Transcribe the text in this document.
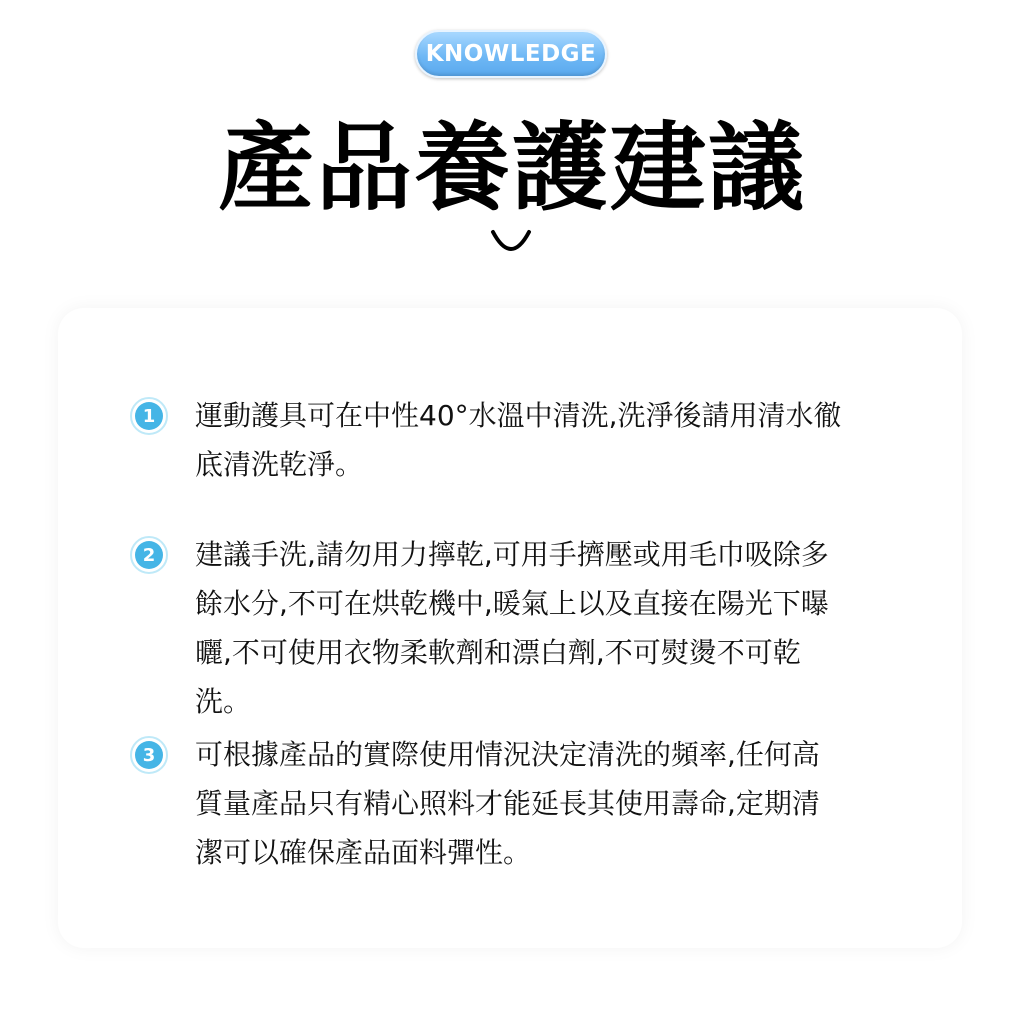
KNOWLEDGE
產品養護建議
1 運動護具可在中性40°水溫中清洗,洗淨後請用清水徹
底清洗乾淨。
2 建議手洗,請勿用力擰乾,可用手擠壓或用毛巾吸除多
餘水分,不可在烘乾機中,暖氣上以及直接在陽光下曝
曬,不可使用衣物柔軟劑和漂白劑,不可熨燙不可乾
洗。
3 可根據產品的實際使用情況決定清洗的頻率,任何高
質量產品只有精心照料才能延長其使用壽命,定期清
潔可以確保產品面料彈性。
